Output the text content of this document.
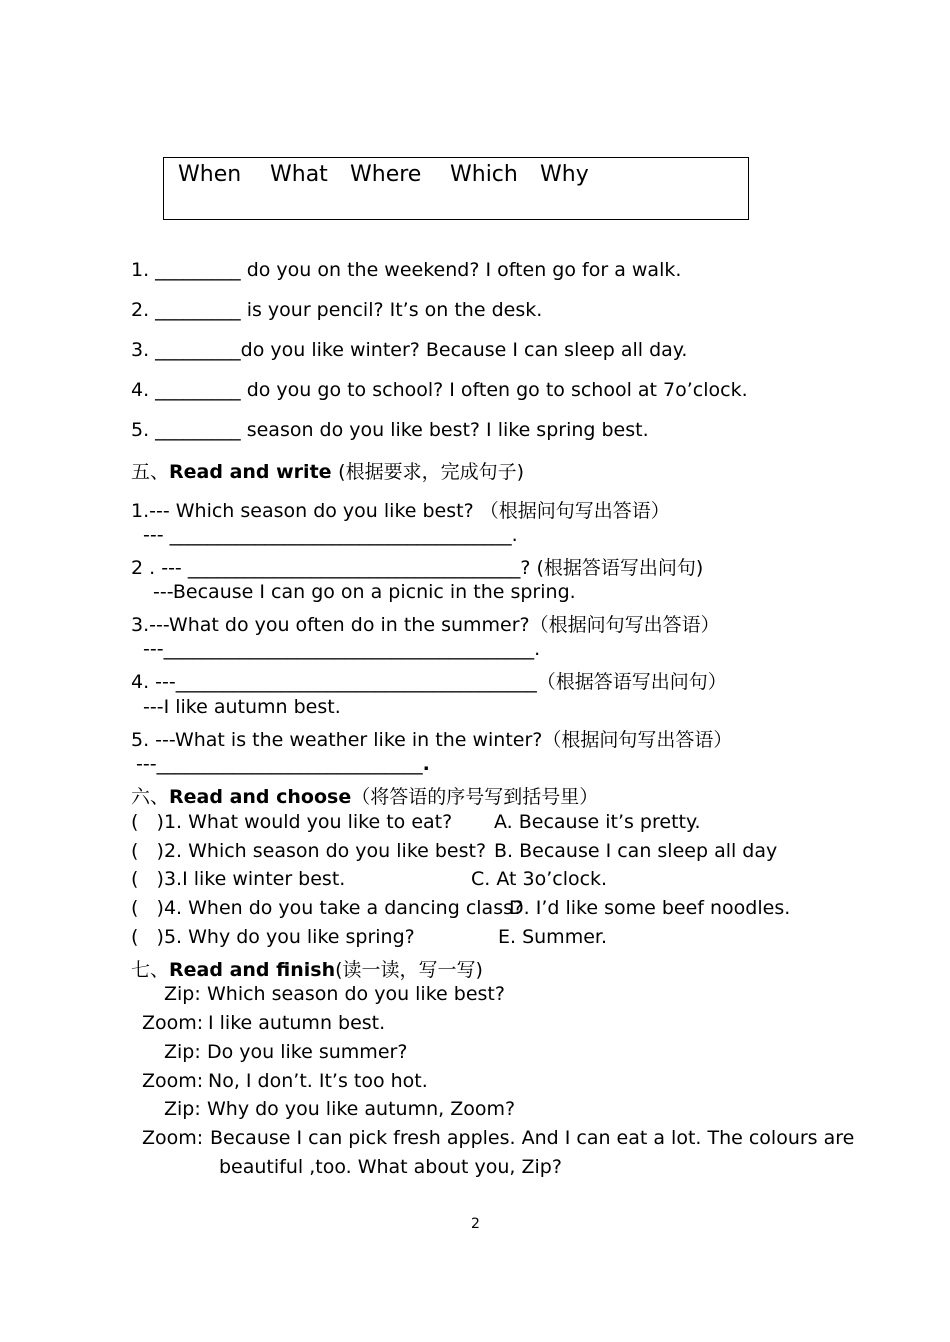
When What Where Which Why
1. _________ do you on the weekend? I often go for a walk.
2. _________ is your pencil? It’s on the desk.
3. _________do you like winter? Because I can sleep all day.
4. _________ do you go to school? I often go to school at 7o’clock.
5. _________ season do you like best? I like spring best.
五、Read and write (根据要求，完成句子)
1.--- Which season do you like best? （根据问句写出答语）
--- ____________________________________.
2 . --- ___________________________________? (根据答语写出问句)
---Because I can go on a picnic in the spring.
3.---What do you often do in the summer?（根据问句写出答语）
---_______________________________________.
4. ---______________________________________（根据答语写出问句）
---I like autumn best.
5. ---What is the weather like in the winter?（根据问句写出答语）
---____________________________.
六、Read and choose（将答语的序号写到括号里）
(   )1. What would you like to eat? A. Because it’s pretty.
(   )2. Which season do you like best? B. Because I can sleep all day
(   )3.I like winter best.	C. At 3o’clock.
(   )4. When do you take a dancing class?
D. I’d like some beef noodles.
(   )5. Why do you like spring?	E. Summer.
七、Read and finish(读一读，写一写)
Zip: Which season do you like best?
Zoom: I like autumn best.
Zip: Do you like summer?
Zoom: No, I don’t. It’s too hot.
Zip: Why do you like autumn, Zoom?
Zoom: Because I can pick fresh apples. And I can eat a lot. The colours are
beautiful ,too. What about you, Zip?
2
